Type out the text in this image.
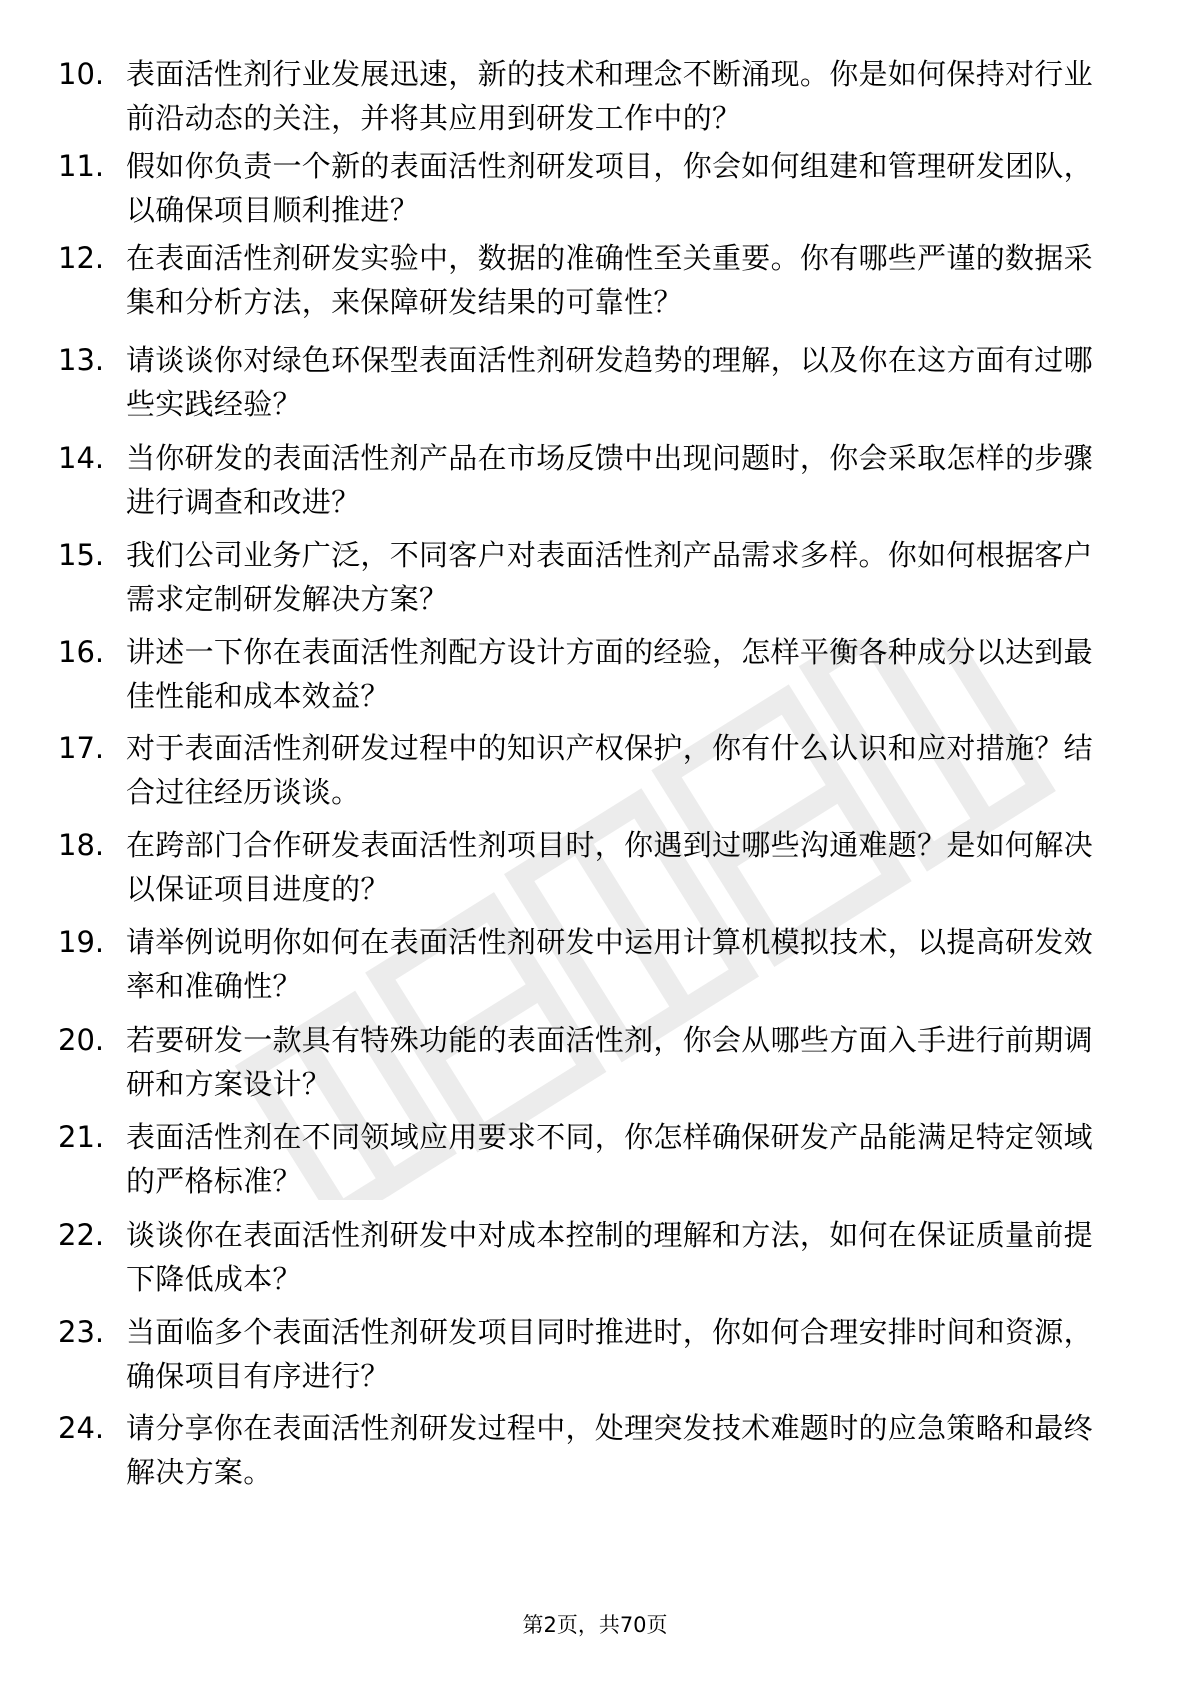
10. 表面活性剂行业发展迅速，新的技术和理念不断涌现。你是如何保持对行业前沿动态的关注，并将其应用到研发工作中的？
11. 假如你负责一个新的表面活性剂研发项目，你会如何组建和管理研发团队，以确保项目顺利推进？
12. 在表面活性剂研发实验中，数据的准确性至关重要。你有哪些严谨的数据采集和分析方法，来保障研发结果的可靠性？
13. 请谈谈你对绿色环保型表面活性剂研发趋势的理解，以及你在这方面有过哪些实践经验？
14. 当你研发的表面活性剂产品在市场反馈中出现问题时，你会采取怎样的步骤进行调查和改进？
15. 我们公司业务广泛，不同客户对表面活性剂产品需求多样。你如何根据客户需求定制研发解决方案？
16. 讲述一下你在表面活性剂配方设计方面的经验，怎样平衡各种成分以达到最佳性能和成本效益？
17. 对于表面活性剂研发过程中的知识产权保护，你有什么认识和应对措施？结合过往经历谈谈。
18. 在跨部门合作研发表面活性剂项目时，你遇到过哪些沟通难题？是如何解决以保证项目进度的？
19. 请举例说明你如何在表面活性剂研发中运用计算机模拟技术，以提高研发效率和准确性？
20. 若要研发一款具有特殊功能的表面活性剂，你会从哪些方面入手进行前期调研和方案设计？
21. 表面活性剂在不同领域应用要求不同，你怎样确保研发产品能满足特定领域的严格标准？
22. 谈谈你在表面活性剂研发中对成本控制的理解和方法，如何在保证质量前提下降低成本？
23. 当面临多个表面活性剂研发项目同时推进时，你如何合理安排时间和资源，确保项目有序进行？
24. 请分享你在表面活性剂研发过程中，处理突发技术难题时的应急策略和最终解决方案。
第2页，共70页
